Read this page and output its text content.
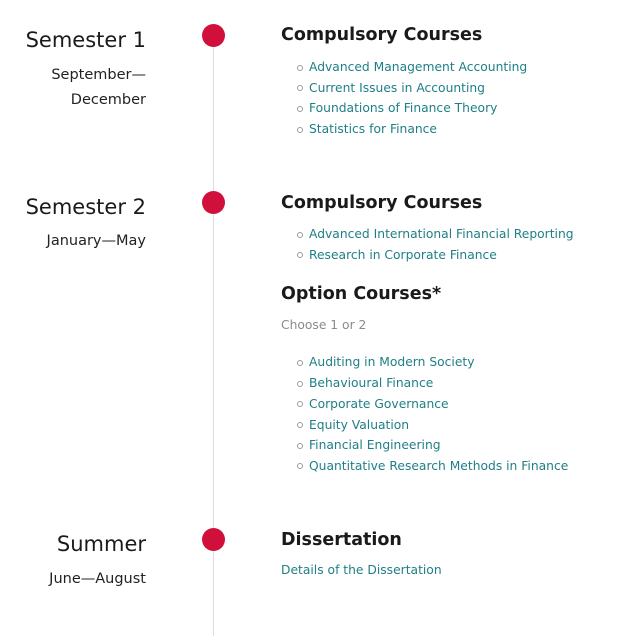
Semester 1
September—
December
Compulsory Courses
Advanced Management Accounting
Current Issues in Accounting
Foundations of Finance Theory
Statistics for Finance
Semester 2
January—May
Compulsory Courses
Advanced International Financial Reporting
Research in Corporate Finance
Option Courses*
Choose 1 or 2
Auditing in Modern Society
Behavioural Finance
Corporate Governance
Equity Valuation
Financial Engineering
Quantitative Research Methods in Finance
Summer
June—August
Dissertation
Details of the Dissertation
